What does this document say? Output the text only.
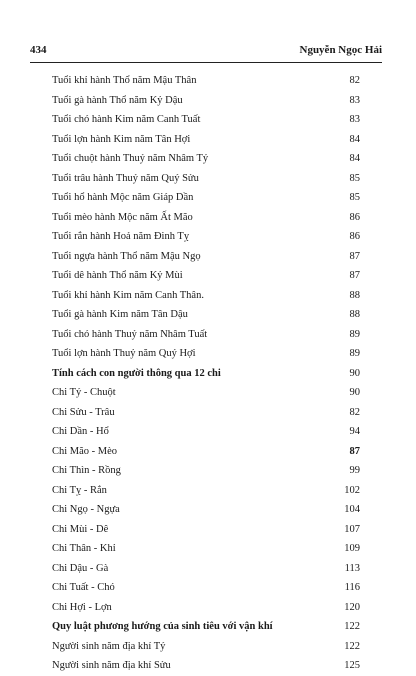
434	Nguyễn Ngọc Hải
Tuổi khỉ hành Thổ năm Mậu Thân	82
Tuổi gà hành Thổ năm Kỷ Dậu	83
Tuổi chó hành Kim năm Canh Tuất	83
Tuổi lợn hành Kim năm Tân Hợi	84
Tuổi chuột hành Thuỷ năm Nhâm Tý	84
Tuổi trâu hành Thuỷ năm Quý Sửu	85
Tuổi hổ hành Mộc năm Giáp Dần	85
Tuổi mèo hành Mộc năm Ất Mão	86
Tuổi rắn hành Hoả năm Đinh Tỵ	86
Tuổi ngựa hành Thổ năm Mậu Ngọ	87
Tuổi dê hành Thổ năm Kỷ Mùi	87
Tuổi khỉ hành Kim năm Canh Thân.	88
Tuổi gà hành Kim năm Tân Dậu	88
Tuổi chó hành Thuỷ năm Nhâm Tuất	89
Tuổi lợn hành Thuỷ năm Quý Hợi	89
Tính cách con người thông qua 12 chi	90
Chi Tý - Chuột	90
Chi Sửu - Trâu	82
Chi Dần - Hổ	94
Chi Mão - Mèo	87
Chi Thìn - Rồng	99
Chi Tỵ - Rắn	102
Chi Ngọ - Ngựa	104
Chi Mùi - Dê	107
Chi Thân - Khỉ	109
Chi Dậu - Gà	113
Chi Tuất - Chó	116
Chi Hợi - Lợn	120
Quy luật phương hướng của sinh tiêu với vận khí	122
Người sinh năm địa khí Tý	122
Người sinh năm địa khí Sửu	125
